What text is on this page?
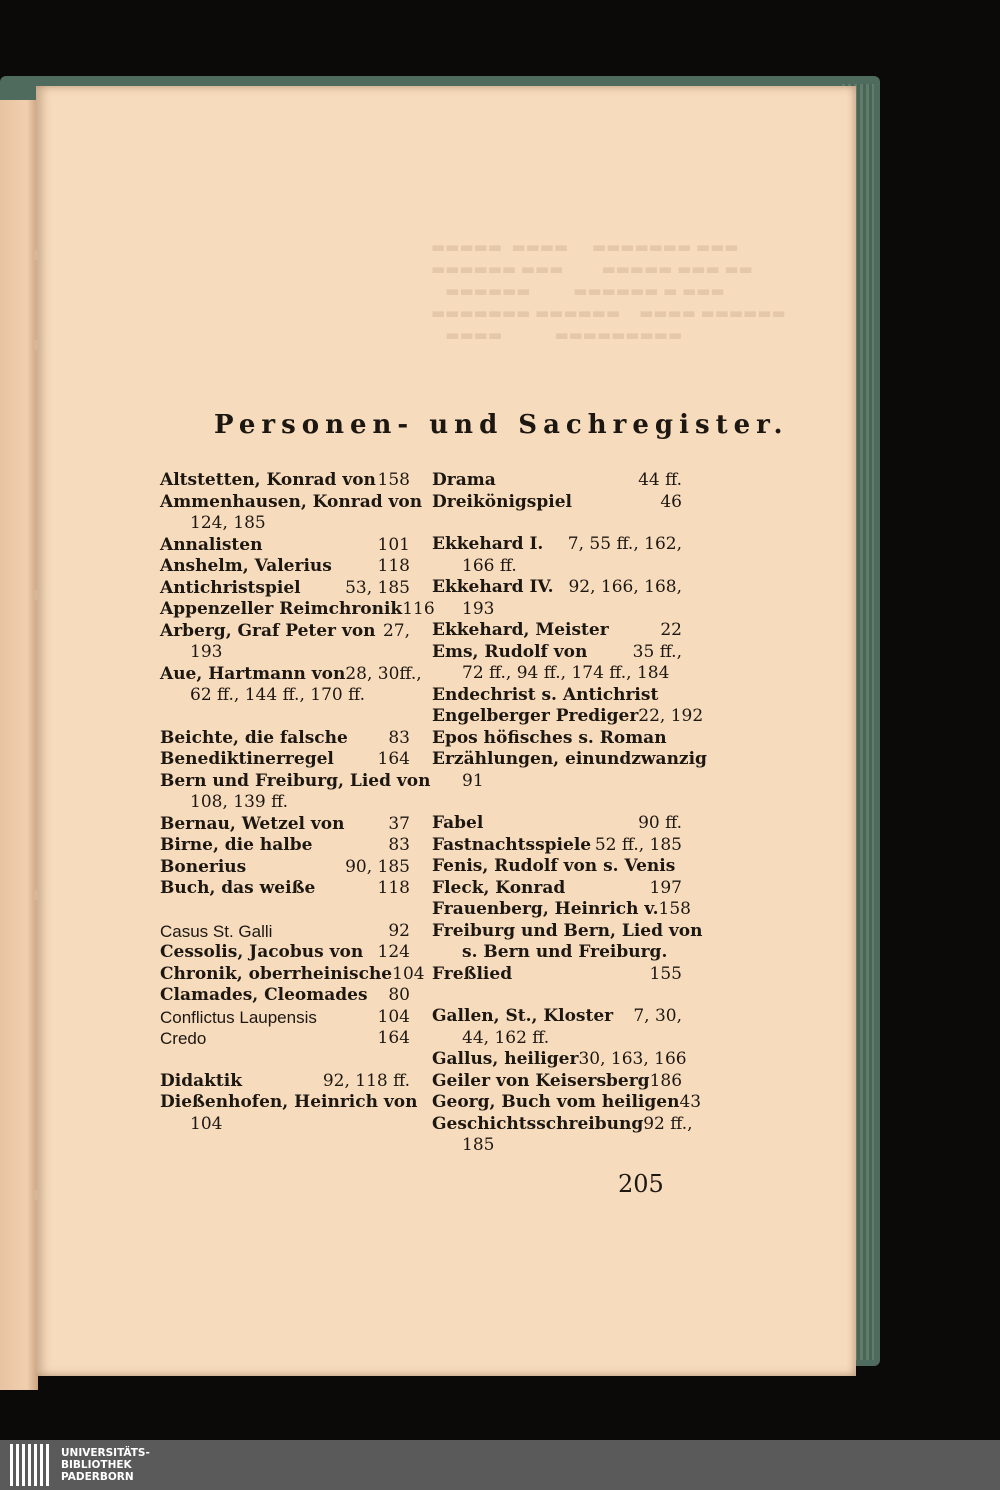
▬▬▬▬▬  ▬▬▬▬     ▬▬▬▬▬▬▬ ▬▬▬
▬▬▬▬▬▬ ▬▬▬        ▬▬▬▬▬ ▬▬▬ ▬▬
▬▬▬▬▬▬         ▬▬▬▬▬▬ ▬ ▬▬▬
▬▬▬▬▬▬▬ ▬▬▬▬▬▬    ▬▬▬▬ ▬▬▬▬▬▬
▬▬▬▬           ▬▬▬▬▬▬▬▬▬
Personen- und Sachregister.
Altstetten, Konrad von 158
Ammenhausen, Konrad von
124, 185
Annalisten	101
Anshelm, Valerius	118
Antichristspiel	53, 185
Appenzeller Reimchronik 116
Arberg, Graf Peter von 27,
193
Aue, Hartmann von 28, 30ff.,
62 ff., 144 ff., 170 ff.
Beichte, die falsche 83
Benediktinerregel	164
Bern und Freiburg, Lied von
108, 139 ff.
Bernau, Wetzel von	37
Birne, die halbe	83
Bonerius	90, 185
Buch, das weiße	118
Casus St. Galli	92
Cessolis, Jacobus von 124
Chronik, oberrheinische 104
Clamades, Cleomades 80
Conflictus Laupensis	104
Credo	164
Didaktik	92, 118 ff.
Dießenhofen, Heinrich von
104
Drama	44 ff.
Dreikönigspiel	46
Ekkehard I. 7, 55 ff., 162,
166 ff.
Ekkehard IV. 92, 166, 168,
193
Ekkehard, Meister	22
Ems, Rudolf von	35 ff.,
72 ff., 94 ff., 174 ff., 184
Endechrist s. Antichrist
Engelberger Prediger 22, 192
Epos höfisches s. Roman
Erzählungen, einundzwanzig
91
Fabel	90 ff.
Fastnachtsspiele 52 ff., 185
Fenis, Rudolf von s. Venis
Fleck, Konrad	197
Frauenberg, Heinrich v. 158
Freiburg und Bern, Lied von
s. Bern und Freiburg.
Freßlied	155
Gallen, St., Kloster 7, 30,
44, 162 ff.
Gallus, heiliger 30, 163, 166
Geiler von Keisersberg 186
Georg, Buch vom heiligen 43
Geschichtsschreibung 92 ff.,
185
205
UNIVERSITÄTS-
BIBLIOTHEK
PADERBORN
